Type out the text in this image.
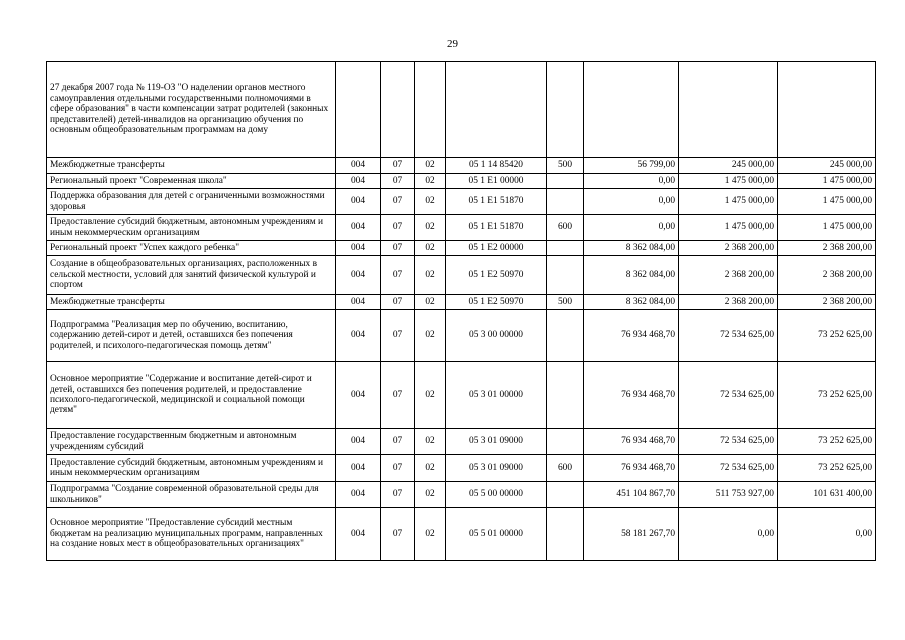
29
27 декабря 2007 года № 119-ОЗ "О наделении органов местного самоуправления отдельными государственными полномочиями в сфере образования" в части компенсации затрат родителей (законных представителей) детей-инвалидов на организацию обучения по основным общеобразовательным программам на дому								
Межбюджетные трансферты	004	07	02	05 1 14 85420	500	56 799,00	245 000,00	245 000,00
Региональный проект "Современная школа"	004	07	02	05 1 E1 00000		0,00	1 475 000,00	1 475 000,00
Поддержка образования для детей с ограниченными возможностями здоровья	004	07	02	05 1 E1 51870		0,00	1 475 000,00	1 475 000,00
Предоставление субсидий бюджетным, автономным учреждениям и иным некоммерческим организациям	004	07	02	05 1 E1 51870	600	0,00	1 475 000,00	1 475 000,00
Региональный проект "Успех каждого ребенка"	004	07	02	05 1 E2 00000		8 362 084,00	2 368 200,00	2 368 200,00
Создание в общеобразовательных организациях, расположенных в сельской местности, условий для занятий физической культурой и спортом	004	07	02	05 1 E2 50970		8 362 084,00	2 368 200,00	2 368 200,00
Межбюджетные трансферты	004	07	02	05 1 E2 50970	500	8 362 084,00	2 368 200,00	2 368 200,00
Подпрограмма "Реализация мер по обучению, воспитанию, содержанию детей-сирот и детей, оставшихся без попечения родителей, и психолого-педагогическая помощь детям"	004	07	02	05 3 00 00000		76 934 468,70	72 534 625,00	73 252 625,00
Основное мероприятие "Содержание и воспитание детей-сирот и детей, оставшихся без попечения родителей, и предоставление психолого-педагогической, медицинской и социальной помощи детям"	004	07	02	05 3 01 00000		76 934 468,70	72 534 625,00	73 252 625,00
Предоставление государственным бюджетным и автономным учреждениям субсидий	004	07	02	05 3 01 09000		76 934 468,70	72 534 625,00	73 252 625,00
Предоставление субсидий бюджетным, автономным учреждениям и иным некоммерческим организациям	004	07	02	05 3 01 09000	600	76 934 468,70	72 534 625,00	73 252 625,00
Подпрограмма "Создание современной образовательной среды для школьников"	004	07	02	05 5 00 00000		451 104 867,70	511 753 927,00	101 631 400,00
Основное мероприятие "Предоставление субсидий местным бюджетам на реализацию муниципальных программ, направленных на создание новых мест в общеобразовательных организациях"	004	07	02	05 5 01 00000		58 181 267,70	0,00	0,00
